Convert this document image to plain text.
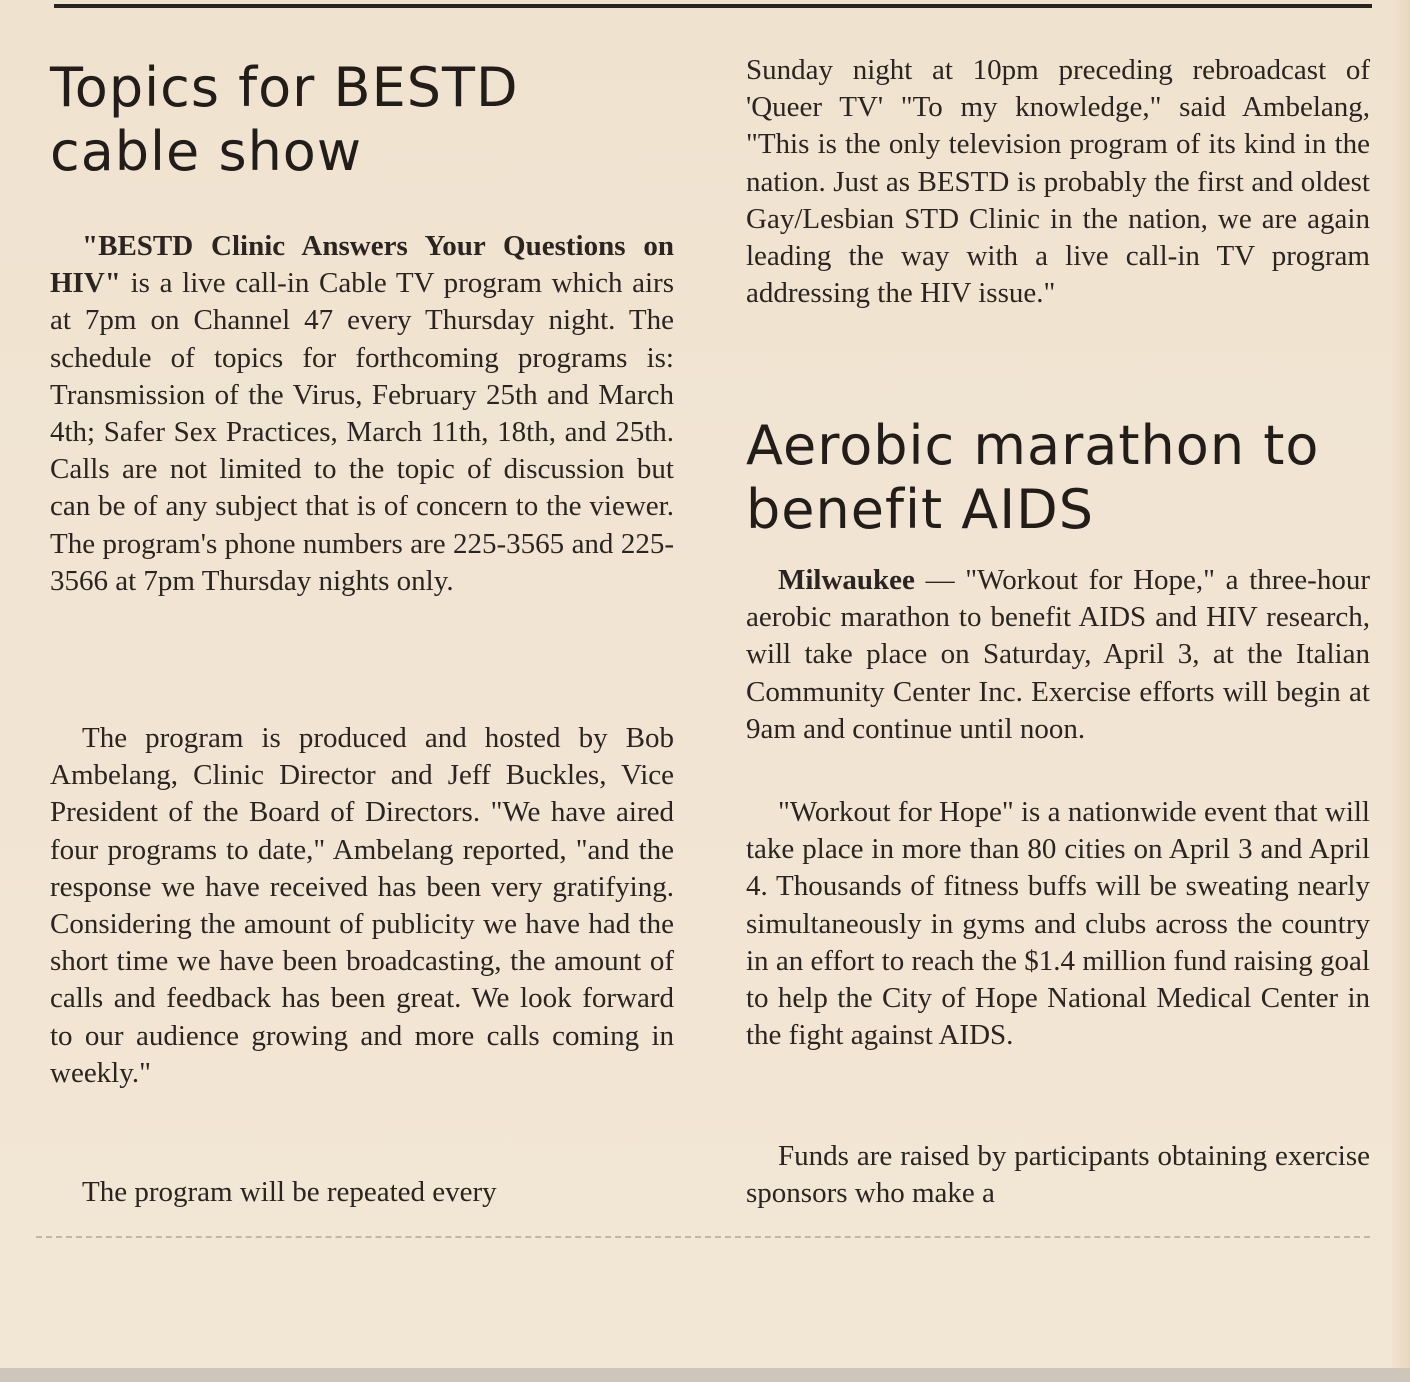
Topics for BESTD cable show

"BESTD Clinic Answers Your Questions on HIV" is a live call-in Cable TV program which airs at 7pm on Channel 47 every Thursday night. The schedule of topics for forthcoming programs is: Transmission of the Virus, February 25th and March 4th; Safer Sex Practices, March 11th, 18th, and 25th. Calls are not limited to the topic of discussion but can be of any subject that is of concern to the viewer. The program's phone numbers are 225-3565 and 225-3566 at 7pm Thursday nights only.

The program is produced and hosted by Bob Ambelang, Clinic Director and Jeff Buckles, Vice President of the Board of Directors. "We have aired four programs to date," Ambelang reported, "and the response we have received has been very gratifying. Considering the amount of publicity we have had the short time we have been broadcasting, the amount of calls and feedback has been great. We look forward to our audience growing and more calls coming in weekly."

The program will be repeated every

Sunday night at 10pm preceding rebroadcast of 'Queer TV' "To my knowledge," said Ambelang, "This is the only television program of its kind in the nation. Just as BESTD is probably the first and oldest Gay/Lesbian STD Clinic in the nation, we are again leading the way with a live call-in TV program addressing the HIV issue."

Aerobic marathon to benefit AIDS

Milwaukee — "Workout for Hope," a three-hour aerobic marathon to benefit AIDS and HIV research, will take place on Saturday, April 3, at the Italian Community Center Inc. Exercise efforts will begin at 9am and continue until noon.

"Workout for Hope" is a nationwide event that will take place in more than 80 cities on April 3 and April 4. Thousands of fitness buffs will be sweating nearly simultaneously in gyms and clubs across the country in an effort to reach the $1.4 million fund raising goal to help the City of Hope National Medical Center in the fight against AIDS.

Funds are raised by participants obtaining exercise sponsors who make a
